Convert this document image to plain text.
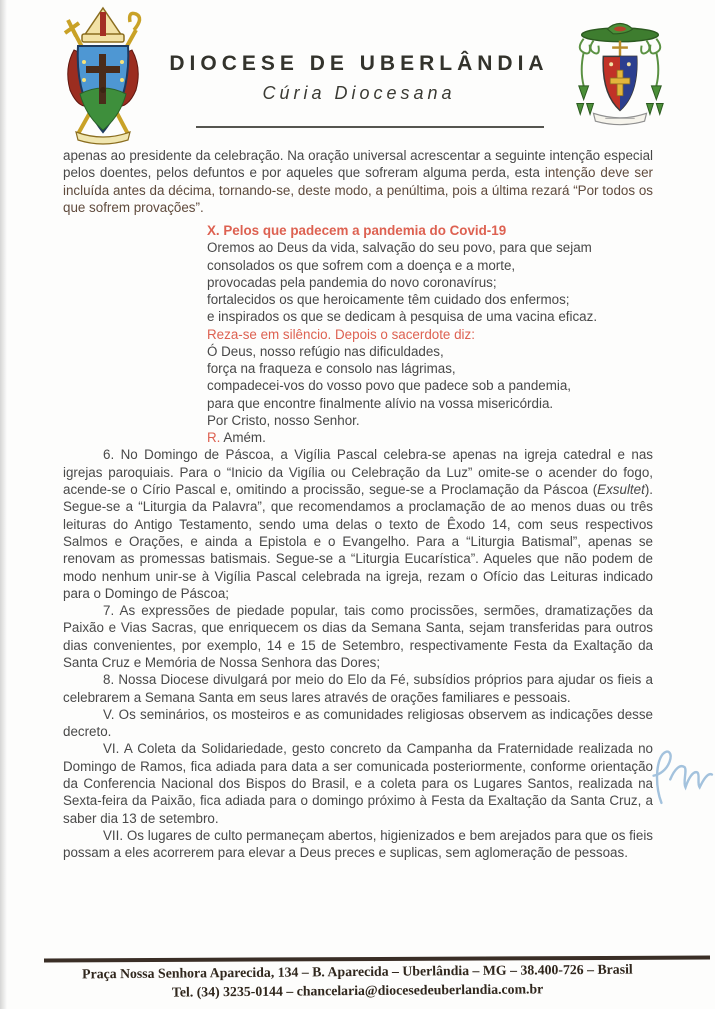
DIOCESE DE UBERLÂNDIA
Cúria Diocesana

apenas ao presidente da celebração. Na oração universal acrescentar a seguinte intenção especial pelos doentes, pelos defuntos e por aqueles que sofreram alguma perda, esta intenção deve ser incluída antes da décima, tornando-se, deste modo, a penúltima, pois a última rezará “Por todos os que sofrem provações”.

X. Pelos que padecem a pandemia do Covid-19
Oremos ao Deus da vida, salvação do seu povo, para que sejam
consolados os que sofrem com a doença e a morte,
provocadas pela pandemia do novo coronavírus;
fortalecidos os que heroicamente têm cuidado dos enfermos;
e inspirados os que se dedicam à pesquisa de uma vacina eficaz.
Reza-se em silêncio. Depois o sacerdote diz:
Ó Deus, nosso refúgio nas dificuldades,
força na fraqueza e consolo nas lágrimas,
compadecei-vos do vosso povo que padece sob a pandemia,
para que encontre finalmente alívio na vossa misericórdia.
Por Cristo, nosso Senhor.
R. Amém.

6. No Domingo de Páscoa, a Vigília Pascal celebra-se apenas na igreja catedral e nas igrejas paroquiais. Para o “Inicio da Vigília ou Celebração da Luz” omite-se o acender do fogo, acende-se o Círio Pascal e, omitindo a procissão, segue-se a Proclamação da Páscoa (Exsultet). Segue-se a “Liturgia da Palavra”, que recomendamos a proclamação de ao menos duas ou três leituras do Antigo Testamento, sendo uma delas o texto de Êxodo 14, com seus respectivos Salmos e Orações, e ainda a Epistola e o Evangelho. Para a “Liturgia Batismal”, apenas se renovam as promessas batismais. Segue-se a “Liturgia Eucarística”. Aqueles que não podem de modo nenhum unir-se à Vigília Pascal celebrada na igreja, rezam o Ofício das Leituras indicado para o Domingo de Páscoa;

7. As expressões de piedade popular, tais como procissões, sermões, dramatizações da Paixão e Vias Sacras, que enriquecem os dias da Semana Santa, sejam transferidas para outros dias convenientes, por exemplo, 14 e 15 de Setembro, respectivamente Festa da Exaltação da Santa Cruz e Memória de Nossa Senhora das Dores;

8. Nossa Diocese divulgará por meio do Elo da Fé, subsídios próprios para ajudar os fieis a celebrarem a Semana Santa em seus lares através de orações familiares e pessoais.

V. Os seminários, os mosteiros e as comunidades religiosas observem as indicações desse decreto.

VI. A Coleta da Solidariedade, gesto concreto da Campanha da Fraternidade realizada no Domingo de Ramos, fica adiada para data a ser comunicada posteriormente, conforme orientação da Conferencia Nacional dos Bispos do Brasil, e a coleta para os Lugares Santos, realizada na Sexta-feira da Paixão, fica adiada para o domingo próximo à Festa da Exaltação da Santa Cruz, a saber dia 13 de setembro.

VII. Os lugares de culto permaneçam abertos, higienizados e bem arejados para que os fieis possam a eles acorrerem para elevar a Deus preces e suplicas, sem aglomeração de pessoas.

Praça Nossa Senhora Aparecida, 134 – B. Aparecida – Uberlândia – MG – 38.400-726 – Brasil
Tel. (34) 3235-0144 – chancelaria@diocesedeuberlandia.com.br
